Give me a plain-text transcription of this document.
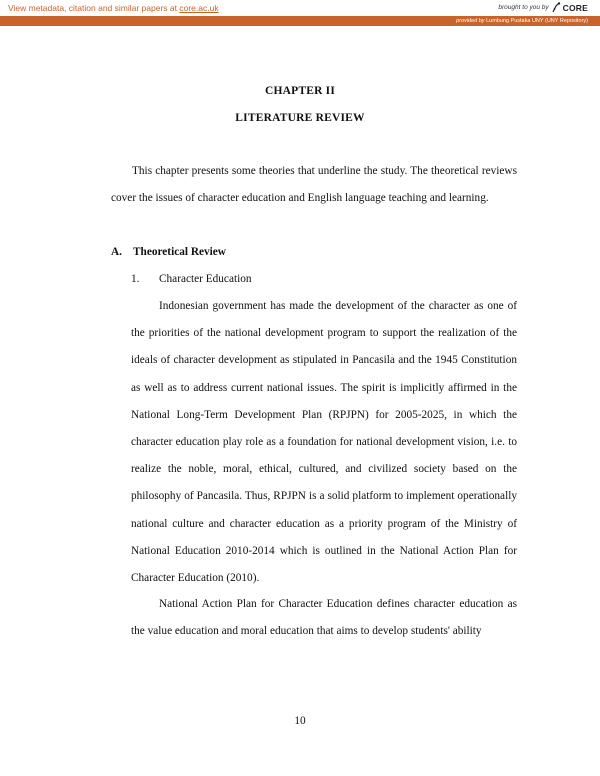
View metadata, citation and similar papers at core.ac.uk	brought to you by CORE
provided by Lumbung Pustaka UNY (UNY Repository)
CHAPTER II
LITERATURE REVIEW

This chapter presents some theories that underline the study. The theoretical reviews cover the issues of character education and English language teaching and learning.

A. Theoretical Review
1. Character Education

Indonesian government has made the development of the character as one of the priorities of the national development program to support the realization of the ideals of character development as stipulated in Pancasila and the 1945 Constitution as well as to address current national issues. The spirit is implicitly affirmed in the National Long-Term Development Plan (RPJPN) for 2005-2025, in which the character education play role as a foundation for national development vision, i.e. to realize the noble, moral, ethical, cultured, and civilized society based on the philosophy of Pancasila. Thus, RPJPN is a solid platform to implement operationally national culture and character education as a priority program of the Ministry of National Education 2010-2014 which is outlined in the National Action Plan for Character Education (2010).

National Action Plan for Character Education defines character education as the value education and moral education that aims to develop students' ability

10
